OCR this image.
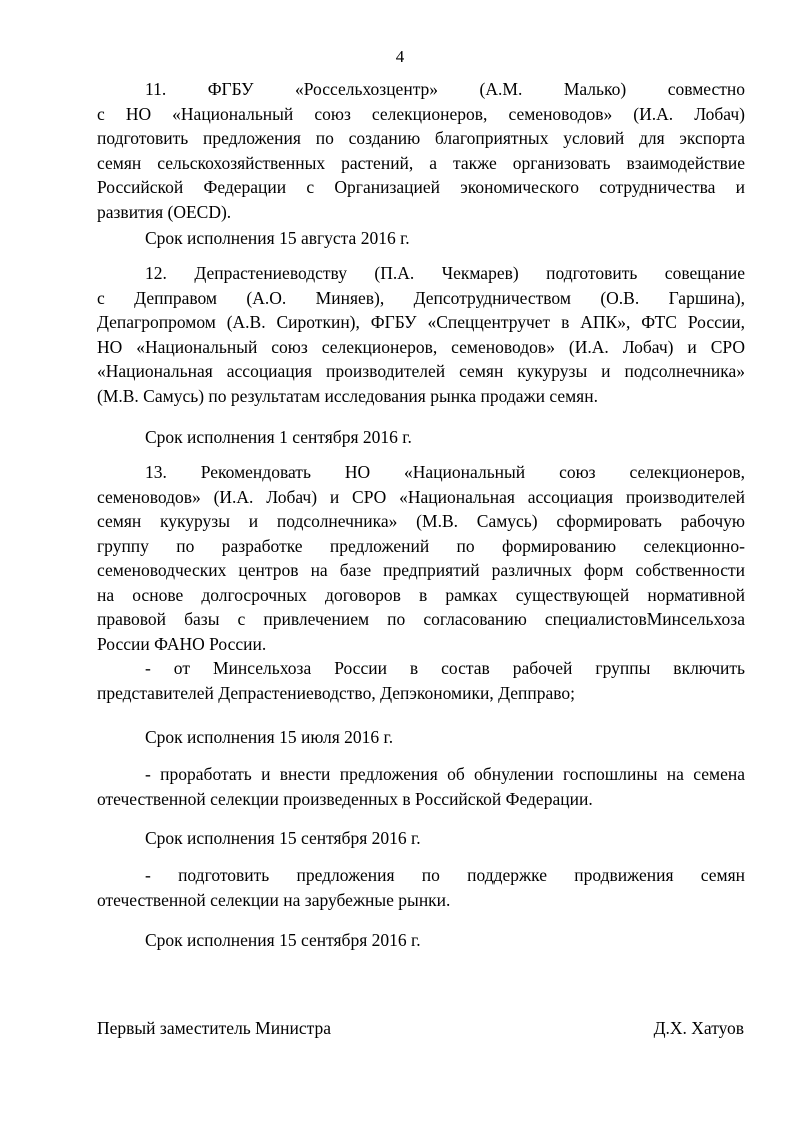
4
11. ФГБУ «Россельхозцентр» (А.М. Малько) совместно
с НО «Национальный союз селекционеров, семеноводов» (И.А. Лобач)
подготовить предложения по созданию благоприятных условий для экспорта
семян сельскохозяйственных растений, а также организовать взаимодействие
Российской Федерации с Организацией экономического сотрудничества и
развития (OECD).
Срок исполнения 15 августа 2016 г.
12. Депрастениеводству (П.А. Чекмарев) подготовить совещание
с Депправом (А.О. Миняев), Депсотрудничеством (О.В. Гаршина),
Депагропромом (А.В. Сироткин), ФГБУ «Спеццентручет в АПК», ФТС России,
НО «Национальный союз селекционеров, семеноводов» (И.А. Лобач) и СРО
«Национальная ассоциация производителей семян кукурузы и подсолнечника»
(М.В. Самусь) по результатам исследования рынка продажи семян.
Срок исполнения 1 сентября 2016 г.
13. Рекомендовать НО «Национальный союз селекционеров,
семеноводов» (И.А. Лобач) и СРО «Национальная ассоциация производителей
семян кукурузы и подсолнечника» (М.В. Самусь) сформировать рабочую
группу по разработке предложений по формированию селекционно-
семеноводческих центров на базе предприятий различных форм собственности
на основе долгосрочных договоров в рамках существующей нормативной
правовой базы с привлечением по согласованию специалистовМинсельхоза
России ФАНО России.
- от Минсельхоза России в состав рабочей группы включить
представителей Депрастениеводство, Депэкономики, Депправо;
Срок исполнения 15 июля 2016 г.
- проработать и внести предложения об обнулении госпошлины на семена
отечественной селекции произведенных в Российской Федерации.
Срок исполнения 15 сентября 2016 г.
- подготовить предложения по поддержке продвижения семян
отечественной селекции на зарубежные рынки.
Срок исполнения 15 сентября 2016 г.
Первый заместитель Министра	Д.Х. Хатуов
